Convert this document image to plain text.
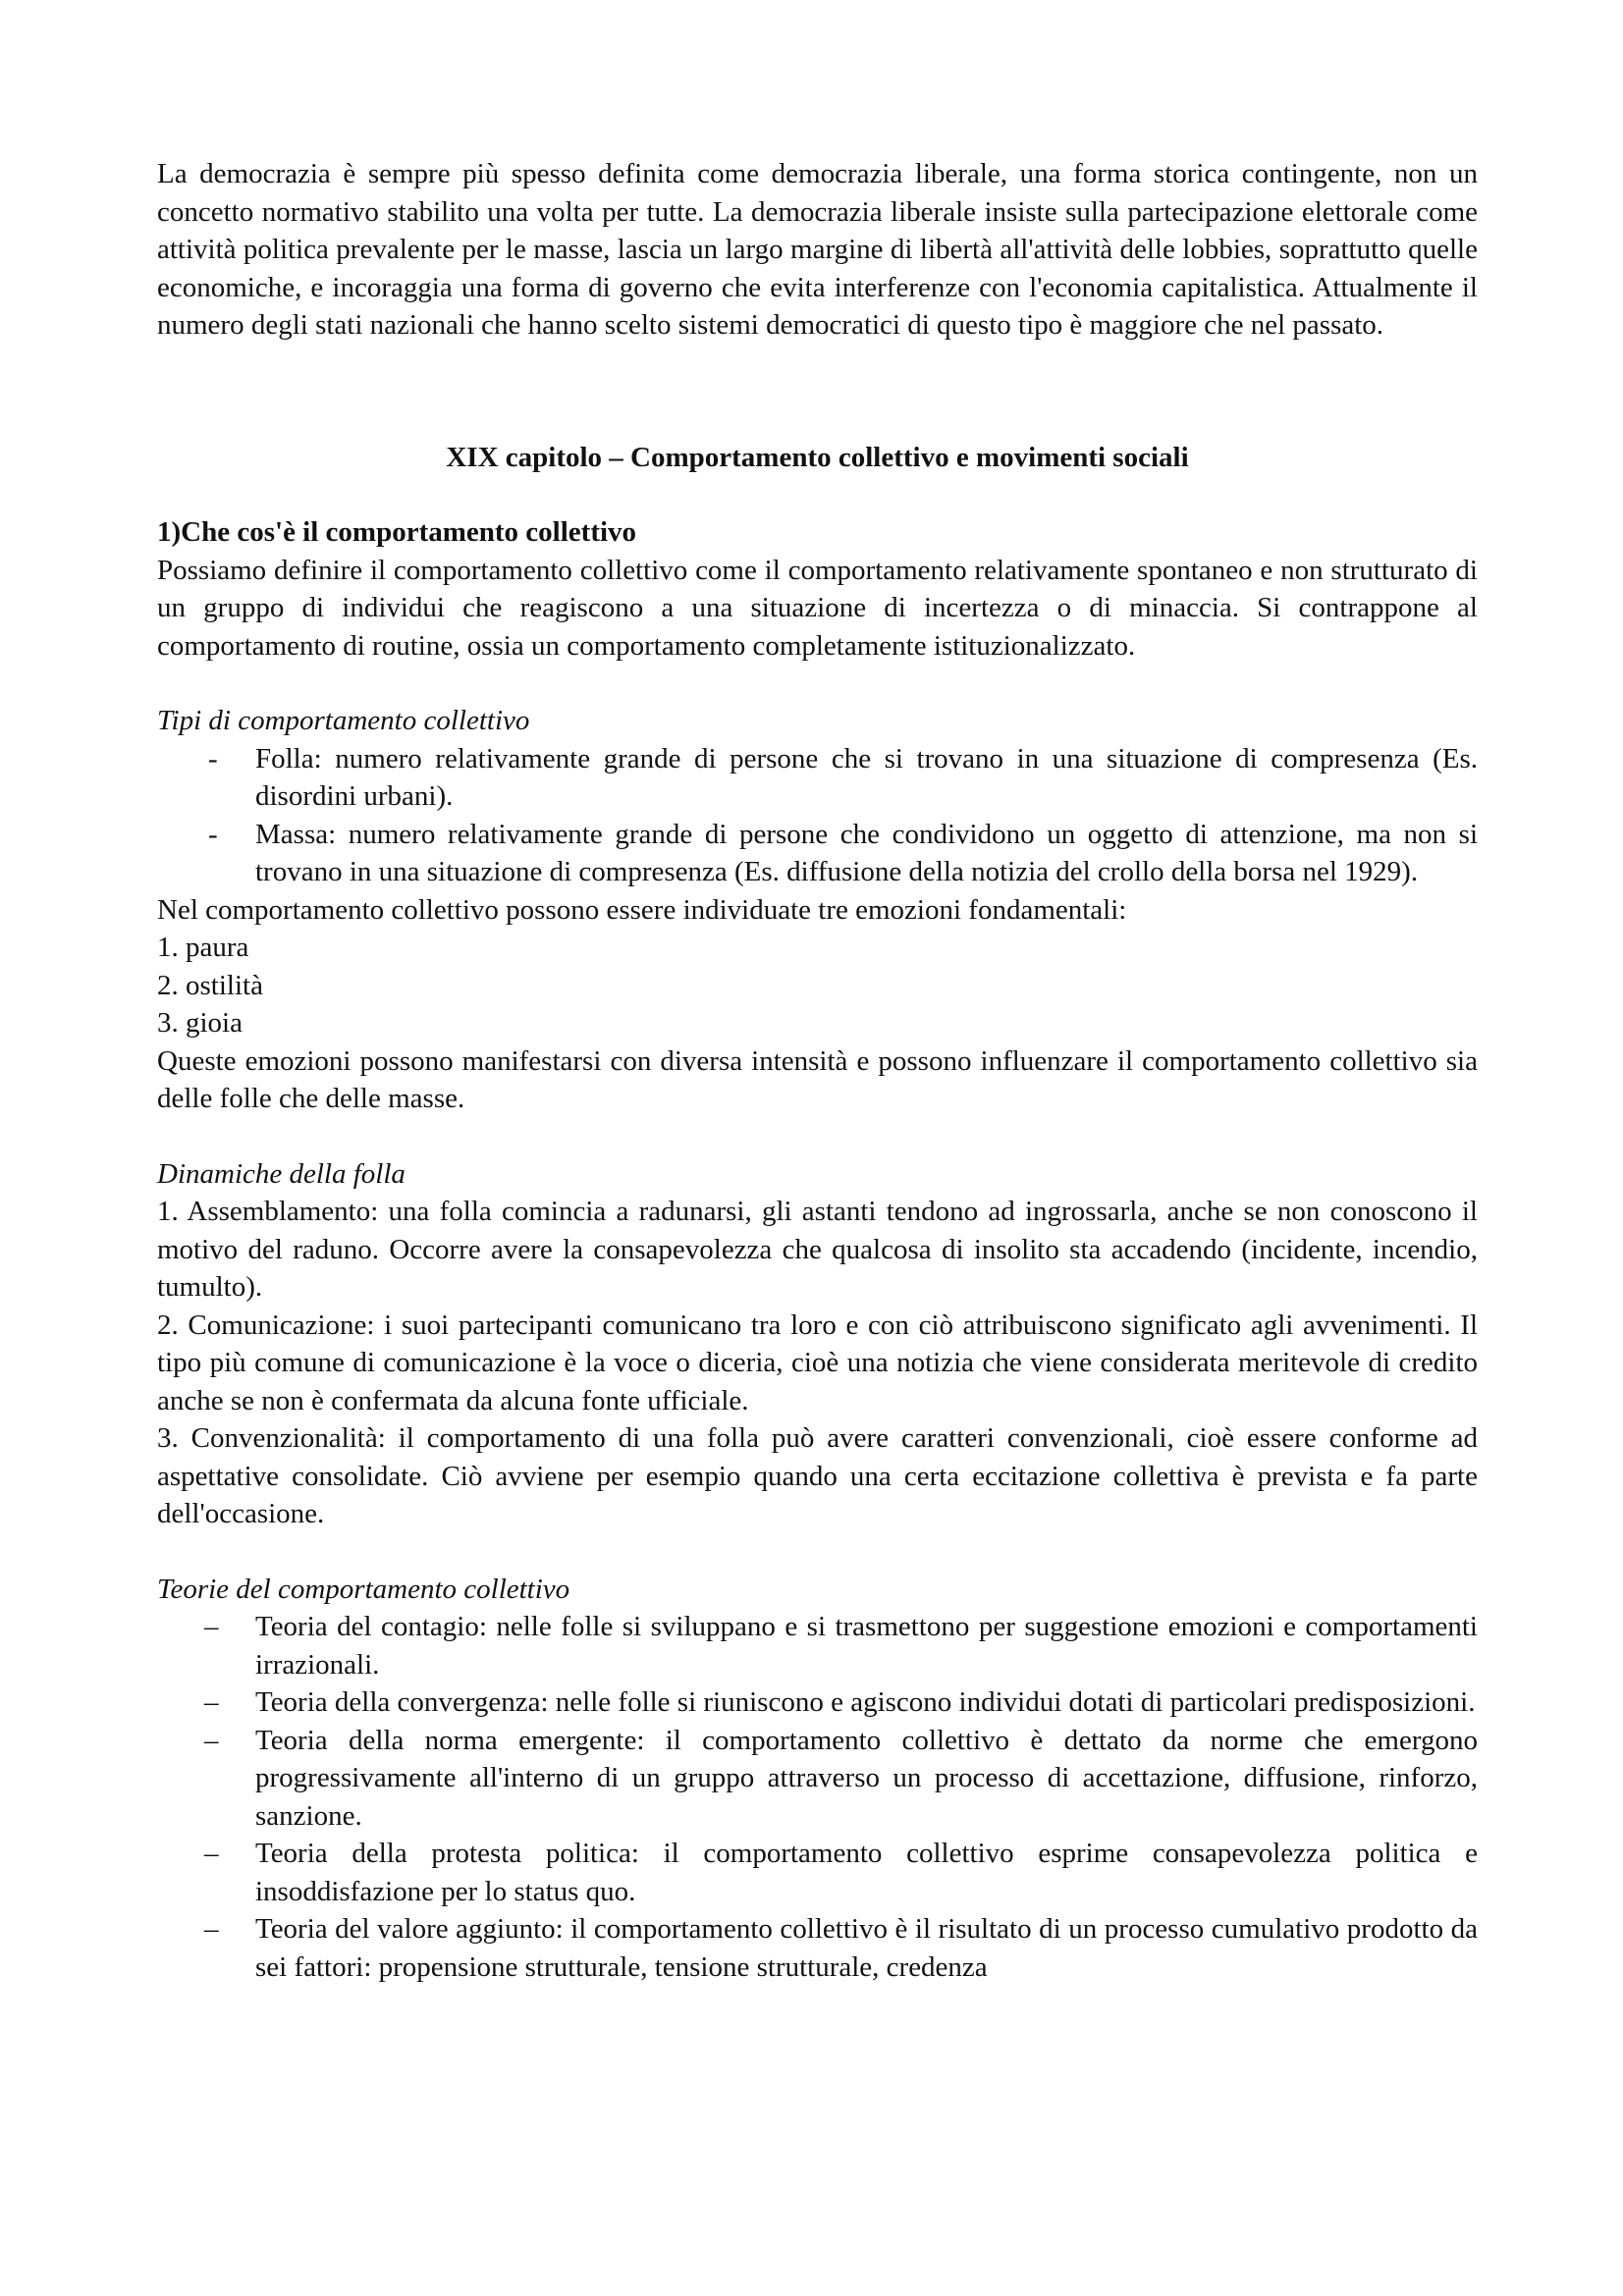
La democrazia è sempre più spesso definita come democrazia liberale, una forma storica contingente, non un concetto normativo stabilito una volta per tutte. La democrazia liberale insiste sulla partecipazione elettorale come attività politica prevalente per le masse, lascia un largo margine di libertà all'attività delle lobbies, soprattutto quelle economiche, e incoraggia una forma di governo che evita interferenze con l'economia capitalistica. Attualmente il numero degli stati nazionali che hanno scelto sistemi democratici di questo tipo è maggiore che nel passato.

XIX capitolo – Comportamento collettivo e movimenti sociali

1)Che cos'è il comportamento collettivo

Possiamo definire il comportamento collettivo come il comportamento relativamente spontaneo e non strutturato di un gruppo di individui che reagiscono a una situazione di incertezza o di minaccia. Si contrappone al comportamento di routine, ossia un comportamento completamente istituzionalizzato.

Tipi di comportamento collettivo

- Folla: numero relativamente grande di persone che si trovano in una situazione di compresenza (Es. disordini urbani).
- Massa: numero relativamente grande di persone che condividono un oggetto di attenzione, ma non si trovano in una situazione di compresenza (Es. diffusione della notizia del crollo della borsa nel 1929).

Nel comportamento collettivo possono essere individuate tre emozioni fondamentali:

1. paura

2. ostilità

3. gioia

Queste emozioni possono manifestarsi con diversa intensità e possono influenzare il comportamento collettivo sia delle folle che delle masse.

Dinamiche della folla

1. Assemblamento: una folla comincia a radunarsi, gli astanti tendono ad ingrossarla, anche se non conoscono il motivo del raduno. Occorre avere la consapevolezza che qualcosa di insolito sta accadendo (incidente, incendio, tumulto).

2. Comunicazione: i suoi partecipanti comunicano tra loro e con ciò attribuiscono significato agli avvenimenti. Il tipo più comune di comunicazione è la voce o diceria, cioè una notizia che viene considerata meritevole di credito anche se non è confermata da alcuna fonte ufficiale.

3. Convenzionalità: il comportamento di una folla può avere caratteri convenzionali, cioè essere conforme ad aspettative consolidate. Ciò avviene per esempio quando una certa eccitazione collettiva è prevista e fa parte dell'occasione.

Teorie del comportamento collettivo

– Teoria del contagio: nelle folle si sviluppano e si trasmettono per suggestione emozioni e comportamenti irrazionali.
– Teoria della convergenza: nelle folle si riuniscono e agiscono individui dotati di particolari predisposizioni.
– Teoria della norma emergente: il comportamento collettivo è dettato da norme che emergono progressivamente all'interno di un gruppo attraverso un processo di accettazione, diffusione, rinforzo, sanzione.
– Teoria della protesta politica: il comportamento collettivo esprime consapevolezza politica e insoddisfazione per lo status quo.
– Teoria del valore aggiunto: il comportamento collettivo è il risultato di un processo cumulativo prodotto da sei fattori: propensione strutturale, tensione strutturale, credenza
